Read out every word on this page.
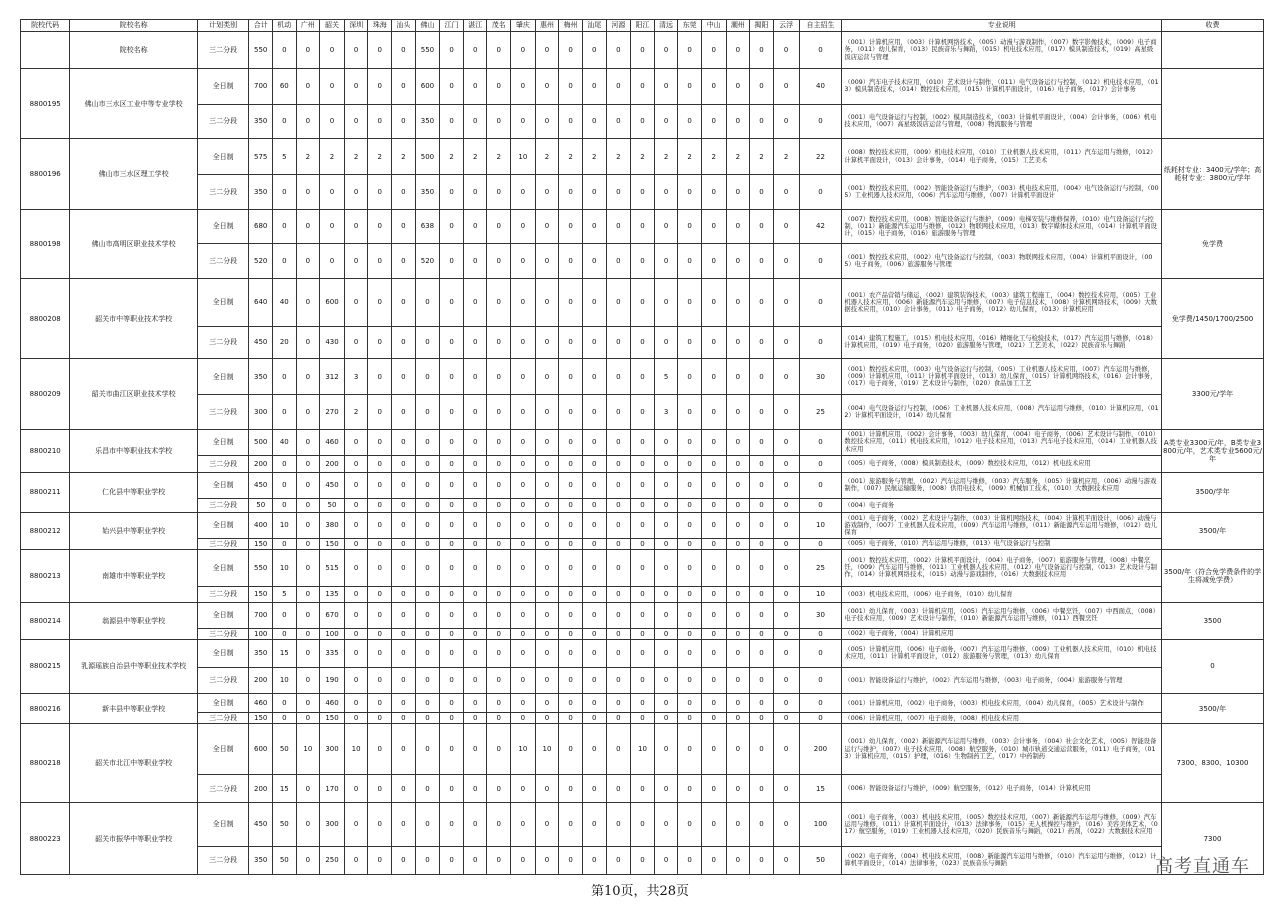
院校代码	院校名称	计划类别	合计	机动	广州	韶关	深圳	珠海	汕头	佛山	江门	湛江	茂名	肇庆	惠州	梅州	汕尾	河源	阳江	清远	东莞	中山	潮州	揭阳	云浮	自主招生	专业说明	收费
	院校名称	三二分段	550	0	0	0	0	0	0	550	0	0	0	0	0	0	0	0	0	0	0	0	0	0	0	0	（001）计算机应用，（003）计算机网络技术，（005）动漫与游戏制作，（007）数字影像技术，（009）电子商务，（011）幼儿保育，（013）民族音乐与舞蹈，（015）机电技术应用，（017）模具制造技术，（019）高星级饭店运营与管理	
8800195	佛山市三水区工业中等专业学校	全日制	700	60	0	0	0	0	0	600	0	0	0	0	0	0	0	0	0	0	0	0	0	0	0	40	（009）汽车电子技术应用，（010）艺术设计与制作，（011）电气设备运行与控制，（012）机电技术应用，（013）模具制造技术，（014）数控技术应用，（015）计算机平面设计，（016）电子商务，（017）会计事务	
		三二分段	350	0	0	0	0	0	0	350	0	0	0	0	0	0	0	0	0	0	0	0	0	0	0	0	（001）电气设备运行与控制，（002）模具制造技术，（003）计算机平面设计，（004）会计事务，（006）机电技术应用，（007）高星级饭店运营与管理，（008）物流服务与管理	
8800196	佛山市三水区理工学校	全日制	575	5	2	2	2	2	2	500	2	2	2	10	2	2	2	2	2	2	2	2	2	2	2	22	（008）数控技术应用，（009）机电技术应用，（010）工业机器人技术应用，（011）汽车运用与维修，（012）计算机平面设计，（013）会计事务，（014）电子商务，（015）工艺美术	纸耗材专业：3400元/学年；高耗材专业：3800元/学年
		三二分段	350	0	0	0	0	0	0	350	0	0	0	0	0	0	0	0	0	0	0	0	0	0	0	0	（001）数控技术应用，（002）智能设备运行与维护，（003）机电技术应用，（004）电气设备运行与控制，（005）工业机器人技术应用，（006）汽车运用与维修，（007）计算机平面设计	
8800198	佛山市高明区职业技术学校	全日制	680	0	0	0	0	0	0	638	0	0	0	0	0	0	0	0	0	0	0	0	0	0	0	42	（007）数控技术应用，（008）智能设备运行与维护，（009）电梯安装与维修保养，（010）电气设备运行与控制，（011）新能源汽车运用与维修，（012）物联网技术应用，（013）数字媒体技术应用，（014）计算机平面设计，（015）电子商务，（016）旅游服务与管理	免学费
		三二分段	520	0	0	0	0	0	0	520	0	0	0	0	0	0	0	0	0	0	0	0	0	0	0	0	（001）数控技术应用，（002）电气设备运行与控制，（003）物联网技术应用，（004）计算机平面设计，（005）电子商务，（006）旅游服务与管理	
8800208	韶关市中等职业技术学校	全日制	640	40	0	600	0	0	0	0	0	0	0	0	0	0	0	0	0	0	0	0	0	0	0	0	（001）农产品营销与储运，（002）建筑装饰技术，（003）建筑工程施工，（004）数控技术应用，（005）工业机器人技术应用，（006）新能源汽车运用与维修，（007）电子信息技术，（008）计算机网络技术，（009）大数据技术应用，（010）会计事务，（011）电子商务，（012）幼儿保育，（013）计算机应用	免学费/1450/1700/2500
		三二分段	450	20	0	430	0	0	0	0	0	0	0	0	0	0	0	0	0	0	0	0	0	0	0	0	（014）建筑工程施工，（015）机电技术应用，（016）精细化工与检验技术，（017）汽车运用与维修，（018）计算机应用，（019）电子商务，（020）旅游服务与管理，（021）工艺美术，（022）民族音乐与舞蹈	
8800209	韶关市曲江区职业技术学校	全日制	350	0	0	312	3	0	0	0	0	0	0	0	0	0	0	0	0	5	0	0	0	0	0	30	（001）数控技术应用，（003）电气设备运行与控制，（005）工业机器人技术应用，（007）汽车运用与维修，（009）计算机应用，（011）计算机平面设计，（013）幼儿保育，（015）计算机网络技术，（016）会计事务，（017）电子商务，（019）艺术设计与制作，（020）食品加工工艺	3300元/学年
		三二分段	300	0	0	270	2	0	0	0	0	0	0	0	0	0	0	0	0	3	0	0	0	0	0	25	（004）电气设备运行与控制，（006）工业机器人技术应用，（008）汽车运用与维修，（010）计算机应用，（012）计算机平面设计，（014）幼儿保育	
8800210	乐昌市中等职业技术学校	全日制	500	40	0	460	0	0	0	0	0	0	0	0	0	0	0	0	0	0	0	0	0	0	0	0	（001）计算机应用，（002）会计事务，（003）幼儿保育，（004）电子商务，（006）艺术设计与制作，（010）数控技术应用，（011）机电技术应用，（012）电子技术应用，（013）汽车电子技术应用，（014）工业机器人技术应用	A类专业3300元/年，B类专业3800元/年，艺术类专业5600元/年
		三二分段	200	0	0	200	0	0	0	0	0	0	0	0	0	0	0	0	0	0	0	0	0	0	0	0	（005）电子商务，（008）模具制造技术，（009）数控技术应用，（012）机电技术应用	
8800211	仁化县中等职业学校	全日制	450	0	0	450	0	0	0	0	0	0	0	0	0	0	0	0	0	0	0	0	0	0	0	0	（001）旅游服务与管理，（002）汽车运用与维修，（003）汽车服务，（005）计算机应用，（006）动漫与游戏制作，（007）民航运输服务，（008）供用电技术，（009）机械加工技术，（010）大数据技术应用	3500/学年
		三二分段	50	0	0	50	0	0	0	0	0	0	0	0	0	0	0	0	0	0	0	0	0	0	0	0	（004）电子商务	
8800212	始兴县中等职业学校	全日制	400	10	0	380	0	0	0	0	0	0	0	0	0	0	0	0	0	0	0	0	0	0	0	10	（001）电子商务，（002）艺术设计与制作，（003）计算机网络技术，（004）计算机平面设计，（006）动漫与游戏制作，（007）工业机器人技术应用，（009）汽车运用与维修，（011）新能源汽车运用与维修，（012）幼儿保育	3500/年
		三二分段	150	0	0	150	0	0	0	0	0	0	0	0	0	0	0	0	0	0	0	0	0	0	0	0	（005）电子商务，（010）汽车运用与维修，（013）电气设备运行与控制	
8800213	南雄市中等职业学校	全日制	550	10	0	515	0	0	0	0	0	0	0	0	0	0	0	0	0	0	0	0	0	0	0	25	（001）数控技术应用，（002）计算机平面设计，（004）电子商务，（007）旅游服务与管理，（008）中餐烹饪，（009）汽车运用与维修，（011）工业机器人技术应用，（012）电气设备运行与控制，（013）艺术设计与制作，（014）计算机网络技术，（015）动漫与游戏制作，（016）大数据技术应用	3500/年（符合免学费条件的学生将减免学费）
		三二分段	150	5	0	135	0	0	0	0	0	0	0	0	0	0	0	0	0	0	0	0	0	0	0	10	（003）机电技术应用，（006）电子商务，（010）幼儿保育	
8800214	翁源县中等职业学校	全日制	700	0	0	670	0	0	0	0	0	0	0	0	0	0	0	0	0	0	0	0	0	0	0	30	（001）幼儿保育，（003）计算机应用，（005）汽车运用与维修，（006）中餐烹饪，（007）中西面点，（008）电子技术应用，（009）艺术设计与制作，（010）新能源汽车运用与维修，（011）西餐烹饪	3500
		三二分段	100	0	0	100	0	0	0	0	0	0	0	0	0	0	0	0	0	0	0	0	0	0	0	0	（002）电子商务，（004）计算机应用	
8800215	乳源瑶族自治县中等职业技术学校	全日制	350	15	0	335	0	0	0	0	0	0	0	0	0	0	0	0	0	0	0	0	0	0	0	0	（005）计算机应用，（006）电子商务，（007）汽车运用与维修，（009）工业机器人技术应用，（010）机电技术应用，（011）计算机平面设计，（012）旅游服务与管理，（013）幼儿保育	0
		三二分段	200	10	0	190	0	0	0	0	0	0	0	0	0	0	0	0	0	0	0	0	0	0	0	0	（001）智能设备运行与维护，（002）汽车运用与维修，（003）电子商务，（004）旅游服务与管理	
8800216	新丰县中等职业学校	全日制	460	0	0	460	0	0	0	0	0	0	0	0	0	0	0	0	0	0	0	0	0	0	0	0	（001）计算机应用，（002）电子商务，（003）机电技术应用，（004）幼儿保育，（005）艺术设计与制作	3500/年
		三二分段	150	0	0	150	0	0	0	0	0	0	0	0	0	0	0	0	0	0	0	0	0	0	0	0	（006）计算机应用，（007）电子商务，（008）机电技术应用	
8800218	韶关市北江中等职业学校	全日制	600	50	10	300	10	0	0	0	0	0	0	10	10	0	0	0	10	0	0	0	0	0	0	200	（001）幼儿保育，（002）新能源汽车运用与维修，（003）会计事务，（004）社会文化艺术，（005）智能设备运行与维护，（007）电子技术应用，（008）航空服务，（010）城市轨道交通运营服务，（011）电子商务，（013）计算机应用，（015）护理，（016）生物制药工艺，（017）中药制药	7300、8300、10300
		三二分段	200	15	0	170	0	0	0	0	0	0	0	0	0	0	0	0	0	0	0	0	0	0	0	15	（006）智能设备运行与维护，（009）航空服务，（012）电子商务，（014）计算机应用	
8800223	韶关市振华中等职业学校	全日制	450	50	0	300	0	0	0	0	0	0	0	0	0	0	0	0	0	0	0	0	0	0	0	100	（001）电子商务，（003）机电技术应用，（005）数控技术应用，（007）新能源汽车运用与维修，（009）汽车运用与维修，（011）计算机平面设计，（013）法律事务，（015）无人机操控与维护，（016）美容美体艺术，（017）航空服务，（019）工业机器人技术应用，（020）民族音乐与舞蹈，（021）药剂，（022）大数据技术应用	7300
		三二分段	350	50	0	250	0	0	0	0	0	0	0	0	0	0	0	0	0	0	0	0	0	0	0	50	（002）电子商务，（004）机电技术应用，（008）新能源汽车运用与维修，（010）汽车运用与维修，（012）计算机平面设计，（014）法律事务，（023）民族音乐与舞蹈	
第10页，共28页
高考直通车
